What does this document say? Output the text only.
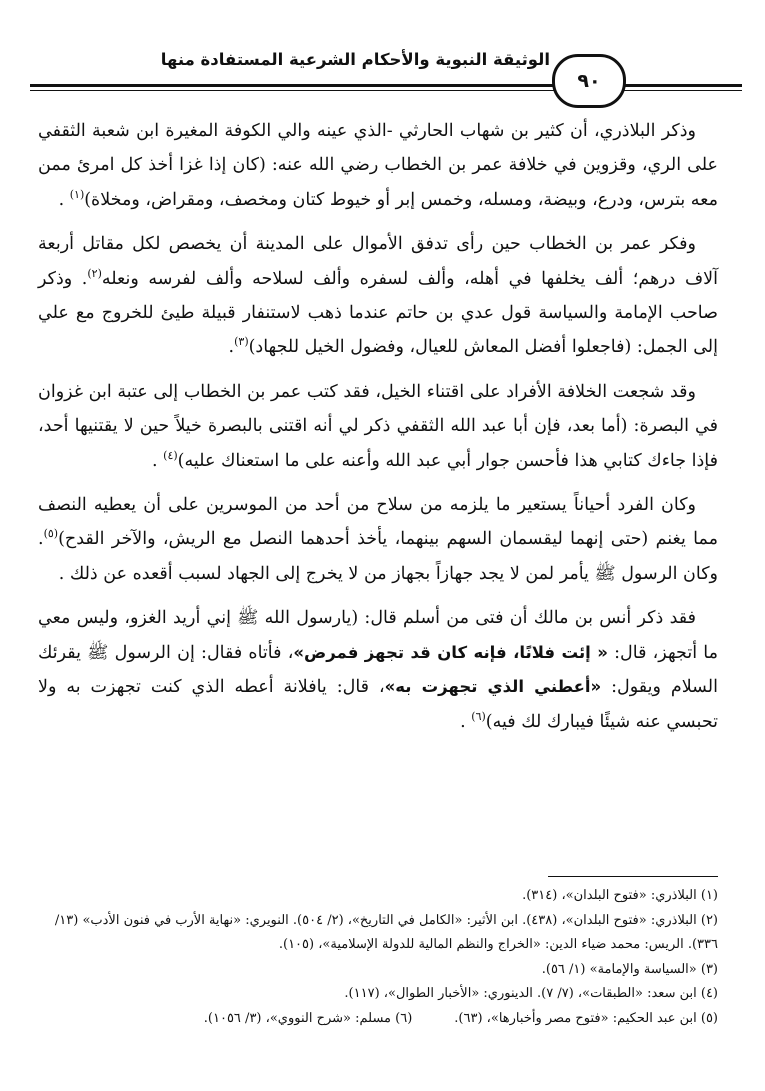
الوثيقة النبوية والأحكام الشرعية المستفادة منها
٩٠

وذكر البلاذري، أن كثير بن شهاب الحارثي -الذي عينه والي الكوفة المغيرة ابن شعبة الثقفي على الري، وقزوين في خلافة عمر بن الخطاب رضي الله عنه: (كان إذا غزا أخذ كل امرئ ممن معه بترس، ودرع، وبيضة، ومسله، وخمس إبر أو خيوط كتان ومخصف، ومقراض، ومخلاة)$^{(١)}$ .

وفكر عمر بن الخطاب حين رأى تدفق الأموال على المدينة أن يخصص لكل مقاتل أربعة آلاف درهم؛ ألف يخلفها في أهله، وألف لسفره وألف لسلاحه وألف لفرسه ونعله$^{(٢)}$. وذكر صاحب الإمامة والسياسة قول عدي بن حاتم عندما ذهب لاستنفار قبيلة طيئ للخروج مع علي إلى الجمل: (فاجعلوا أفضل المعاش للعيال، وفضول الخيل للجهاد)$^{(٣)}$.

وقد شجعت الخلافة الأفراد على اقتناء الخيل، فقد كتب عمر بن الخطاب إلى عتبة ابن غزوان في البصرة: (أما بعد، فإن أبا عبد الله الثقفي ذكر لي أنه اقتنى بالبصرة خيلاً حين لا يقتنيها أحد، فإذا جاءك كتابي هذا فأحسن جوار أبي عبد الله وأعنه على ما استعناك عليه)$^{(٤)}$ .

وكان الفرد أحياناً يستعير ما يلزمه من سلاح من أحد من الموسرين على أن يعطيه النصف مما يغنم (حتى إنهما ليقسمان السهم بينهما، يأخذ أحدهما النصل مع الريش، والآخر القدح)$^{(٥)}$. وكان الرسول ﷺ يأمر لمن لا يجد جهازاً بجهاز من لا يخرج إلى الجهاد لسبب أقعده عن ذلك .

فقد ذكر أنس بن مالك أن فتى من أسلم قال: (يارسول الله ﷺ إني أريد الغزو، وليس معي ما أتجهز، قال: « إئت فلانًا، فإنه كان قد تجهز فمرض»، فأتاه فقال: إن الرسول ﷺ يقرئك السلام ويقول: «أعطني الذي تجهزت به»، قال: يافلانة أعطه الذي كنت تجهزت به ولا تحبسي عنه شيئًا فيبارك لك فيه)$^{(٦)}$ .

(١) البلاذري: «فتوح البلدان»، (٣١٤).

(٢) البلاذري: «فتوح البلدان»، (٤٣٨). ابن الأثير: «الكامل في التاريخ»، (٢/ ٥٠٤). النويري: «نهاية الأرب في فنون الأدب» (١٣/ ٣٣٦). الريس: محمد ضياء الدين: «الخراج والنظم المالية للدولة الإسلامية»، (١٠٥).

(٣) «السياسة والإمامة» (١/ ٥٦).

(٤) ابن سعد: «الطبقات»، (٧/ ٧). الدينوري: «الأخبار الطوال»، (١١٧).

(٥) ابن عبد الحكيم: «فتوح مصر وأخبارها»، (٦٣).

(٦) مسلم: «شرح النووي»، (٣/ ١٠٥٦).
